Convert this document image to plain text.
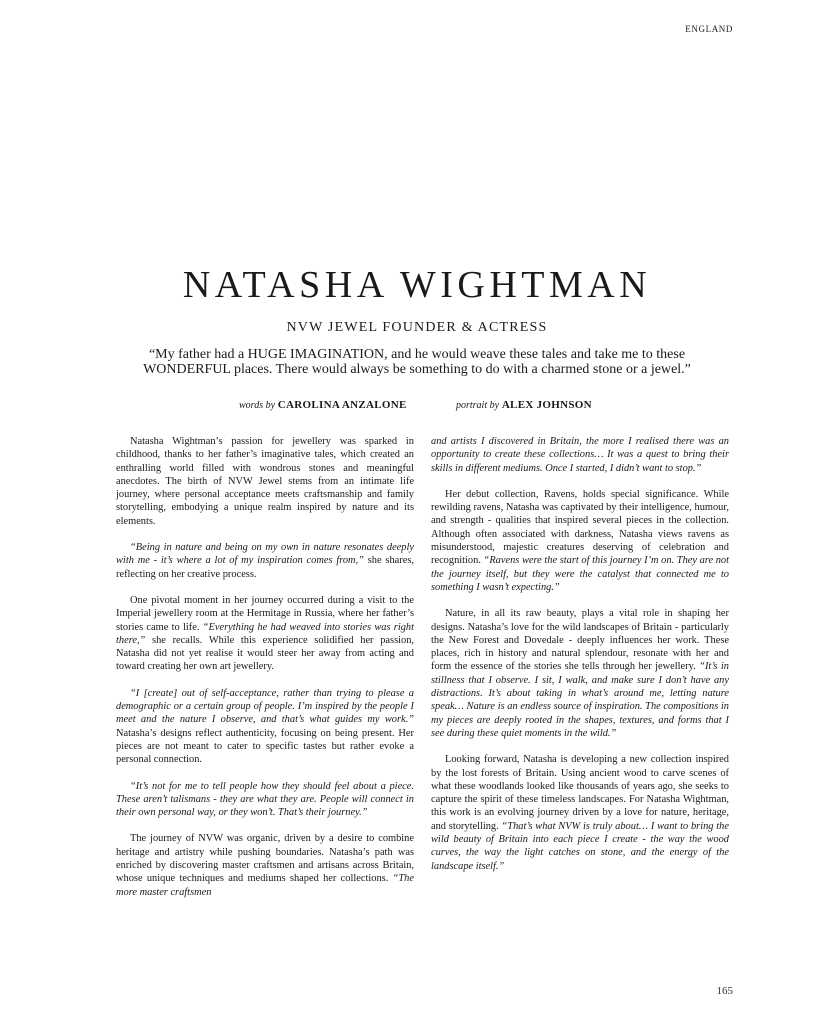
ENGLAND
NATASHA WIGHTMAN
NVW JEWEL FOUNDER & ACTRESS
“My father had a HUGE IMAGINATION, and he would weave these tales and take me to these WONDERFUL places. There would always be something to do with a charmed stone or a jewel.”
words by CAROLINA ANZALONE	portrait by ALEX JOHNSON

Natasha Wightman’s passion for jewellery was sparked in childhood, thanks to her father’s imaginative tales, which created an enthralling world filled with wondrous stones and meaningful anecdotes. The birth of NVW Jewel stems from an intimate life journey, where personal acceptance meets craftsmanship and family storytelling, embodying a unique realm inspired by nature and its elements.

“Being in nature and being on my own in nature resonates deeply with me - it’s where a lot of my inspiration comes from,” she shares, reflecting on her creative process.

One pivotal moment in her journey occurred during a visit to the Imperial jewellery room at the Hermitage in Russia, where her father’s stories came to life. “Everything he had weaved into stories was right there,” she recalls. While this experience solidified her passion, Natasha did not yet realise it would steer her away from acting and toward creating her own art jewellery.

“I [create] out of self-acceptance, rather than trying to please a demographic or a certain group of people. I’m inspired by the people I meet and the nature I observe, and that’s what guides my work.” Natasha’s designs reflect authenticity, focusing on being present. Her pieces are not meant to cater to specific tastes but rather evoke a personal connection.

“It’s not for me to tell people how they should feel about a piece. These aren’t talismans - they are what they are. People will connect in their own personal way, or they won’t. That’s their journey.”

The journey of NVW was organic, driven by a desire to combine heritage and artistry while pushing boundaries. Natasha’s path was enriched by discovering master craftsmen and artisans across Britain, whose unique techniques and mediums shaped her collections. “The more master craftsmen

and artists I discovered in Britain, the more I realised there was an opportunity to create these collections… It was a quest to bring their skills in different mediums. Once I started, I didn’t want to stop.”

Her debut collection, Ravens, holds special significance. While rewilding ravens, Natasha was captivated by their intelligence, humour, and strength - qualities that inspired several pieces in the collection. Although often associated with darkness, Natasha views ravens as misunderstood, majestic creatures deserving of celebration and recognition. “Ravens were the start of this journey I’m on. They are not the journey itself, but they were the catalyst that connected me to something I wasn’t expecting.”

Nature, in all its raw beauty, plays a vital role in shaping her designs. Natasha’s love for the wild landscapes of Britain - particularly the New Forest and Dovedale - deeply influences her work. These places, rich in history and natural splendour, resonate with her and form the essence of the stories she tells through her jewellery. “It’s in stillness that I observe. I sit, I walk, and make sure I don’t have any distractions. It’s about taking in what’s around me, letting nature speak… Nature is an endless source of inspiration. The compositions in my pieces are deeply rooted in the shapes, textures, and forms that I see during these quiet moments in the wild.”

Looking forward, Natasha is developing a new collection inspired by the lost forests of Britain. Using ancient wood to carve scenes of what these woodlands looked like thousands of years ago, she seeks to capture the spirit of these timeless landscapes. For Natasha Wightman, this work is an evolving journey driven by a love for nature, heritage, and storytelling. “That’s what NVW is truly about… I want to bring the wild beauty of Britain into each piece I create - the way the wood curves, the way the light catches on stone, and the energy of the landscape itself.”

165
